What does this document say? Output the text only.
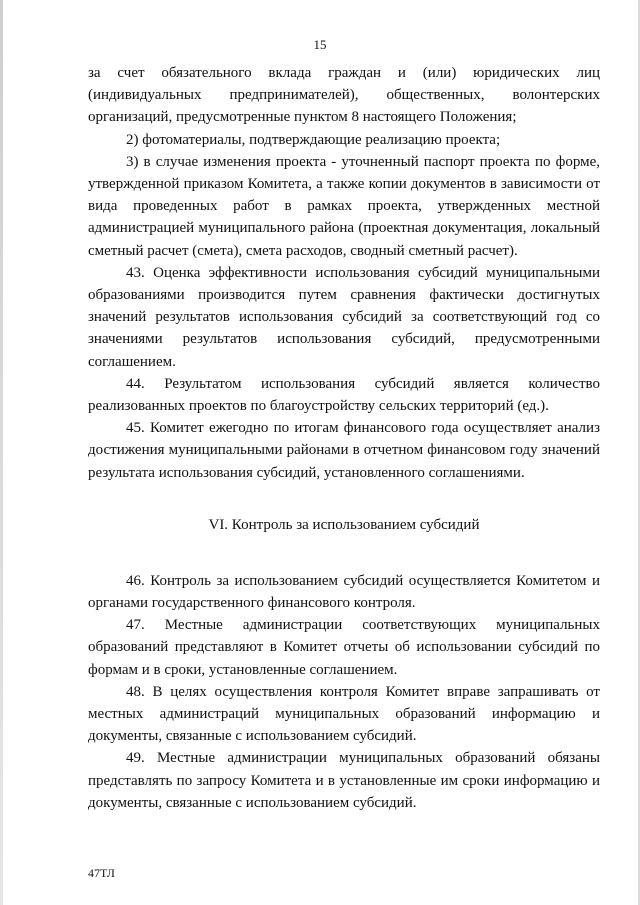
15

за счет обязательного вклада граждан и (или) юридических лиц (индивидуальных предпринимателей), общественных, волонтерских организаций, предусмотренные пунктом 8 настоящего Положения;

2) фотоматериалы, подтверждающие реализацию проекта;

3) в случае изменения проекта - уточненный паспорт проекта по форме, утвержденной приказом Комитета, а также копии документов в зависимости от вида проведенных работ в рамках проекта, утвержденных местной администрацией муниципального района (проектная документация, локальный сметный расчет (смета), смета расходов, сводный сметный расчет).

43. Оценка эффективности использования субсидий муниципальными образованиями производится путем сравнения фактически достигнутых значений результатов использования субсидий за соответствующий год со значениями результатов использования субсидий, предусмотренными соглашением.

44. Результатом использования субсидий является количество реализованных проектов по благоустройству сельских территорий (ед.).

45. Комитет ежегодно по итогам финансового года осуществляет анализ достижения муниципальными районами в отчетном финансовом году значений результата использования субсидий, установленного соглашениями.

VI. Контроль за использованием субсидий

46. Контроль за использованием субсидий осуществляется Комитетом и органами государственного финансового контроля.

47. Местные администрации соответствующих муниципальных образований представляют в Комитет отчеты об использовании субсидий по формам и в сроки, установленные соглашением.

48. В целях осуществления контроля Комитет вправе запрашивать от местных администраций муниципальных образований информацию и документы, связанные с использованием субсидий.

49. Местные администрации муниципальных образований обязаны представлять по запросу Комитета и в установленные им сроки информацию и документы, связанные с использованием субсидий.

47ТЛ
